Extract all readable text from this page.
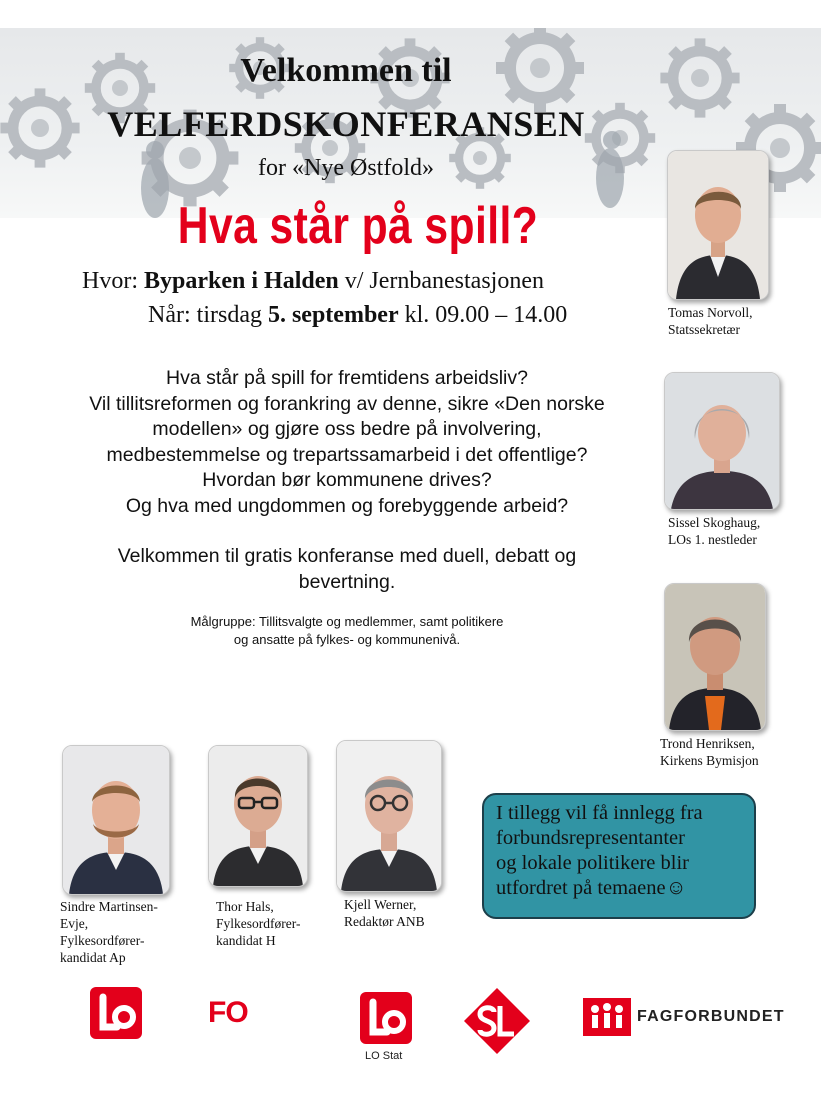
Velkommen til
VELFERDSKONFERANSEN
for «Nye Østfold»
Hva står på spill?
Hvor: Byparken i Halden v/ Jernbanestasjonen
Når: tirsdag 5. september kl. 09.00 – 14.00
Hva står på spill for fremtidens arbeidsliv?
Vil tillitsreformen og forankring av denne, sikre «Den norske
modellen» og gjøre oss bedre på involvering,
medbestemmelse og trepartssamarbeid i det offentlige?
Hvordan bør kommunene drives?
Og hva med ungdommen og forebyggende arbeid?
Velkommen til gratis konferanse med duell, debatt og
bevertning.
Målgruppe: Tillitsvalgte og medlemmer, samt politikere
og ansatte på fylkes- og kommunenivå.
Tomas Norvoll,
Statssekretær
Sissel Skoghaug,
LOs 1. nestleder
Trond Henriksen,
Kirkens Bymisjon
Sindre Martinsen-
Evje,
Fylkesordfører-
kandidat Ap
Thor Hals,
Fylkesordfører-
kandidat H
Kjell Werner,
Redaktør ANB
I tillegg vil få innlegg fra
forbundsrepresentanter
og lokale politikere blir
utfordret på temaene☺
FO
LO Stat
FAGFORBUNDET
